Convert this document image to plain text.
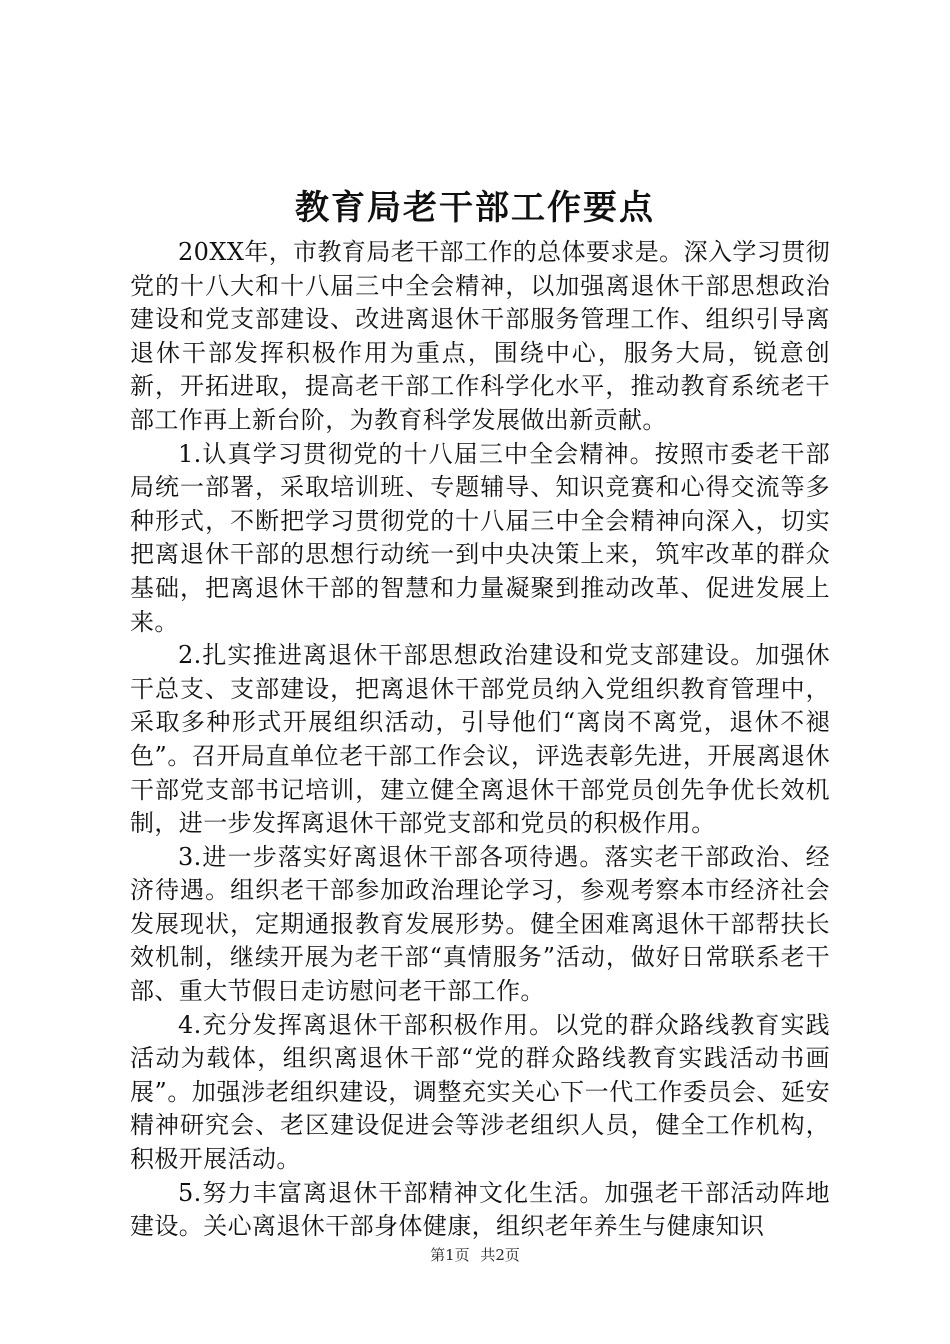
教育局老干部工作要点

20XX年，市教育局老干部工作的总体要求是。深入学习贯彻党的十八大和十八届三中全会精神，以加强离退休干部思想政治建设和党支部建设、改进离退休干部服务管理工作、组织引导离退休干部发挥积极作用为重点，围绕中心，服务大局，锐意创新，开拓进取，提高老干部工作科学化水平，推动教育系统老干部工作再上新台阶，为教育科学发展做出新贡献。

1.认真学习贯彻党的十八届三中全会精神。按照市委老干部局统一部署，采取培训班、专题辅导、知识竞赛和心得交流等多种形式，不断把学习贯彻党的十八届三中全会精神向深入，切实把离退休干部的思想行动统一到中央决策上来，筑牢改革的群众基础，把离退休干部的智慧和力量凝聚到推动改革、促进发展上来。

2.扎实推进离退休干部思想政治建设和党支部建设。加强休干总支、支部建设，把离退休干部党员纳入党组织教育管理中，采取多种形式开展组织活动，引导他们“离岗不离党，退休不褪色”。召开局直单位老干部工作会议，评选表彰先进，开展离退休干部党支部书记培训，建立健全离退休干部党员创先争优长效机制，进一步发挥离退休干部党支部和党员的积极作用。

3.进一步落实好离退休干部各项待遇。落实老干部政治、经济待遇。组织老干部参加政治理论学习，参观考察本市经济社会发展现状，定期通报教育发展形势。健全困难离退休干部帮扶长效机制，继续开展为老干部“真情服务”活动，做好日常联系老干部、重大节假日走访慰问老干部工作。

4.充分发挥离退休干部积极作用。以党的群众路线教育实践活动为载体，组织离退休干部“党的群众路线教育实践活动书画展”。加强涉老组织建设，调整充实关心下一代工作委员会、延安精神研究会、老区建设促进会等涉老组织人员，健全工作机构，积极开展活动。

5.努力丰富离退休干部精神文化生活。加强老干部活动阵地建设。关心离退休干部身体健康，组织老年养生与健康知识

第1页 共2页
